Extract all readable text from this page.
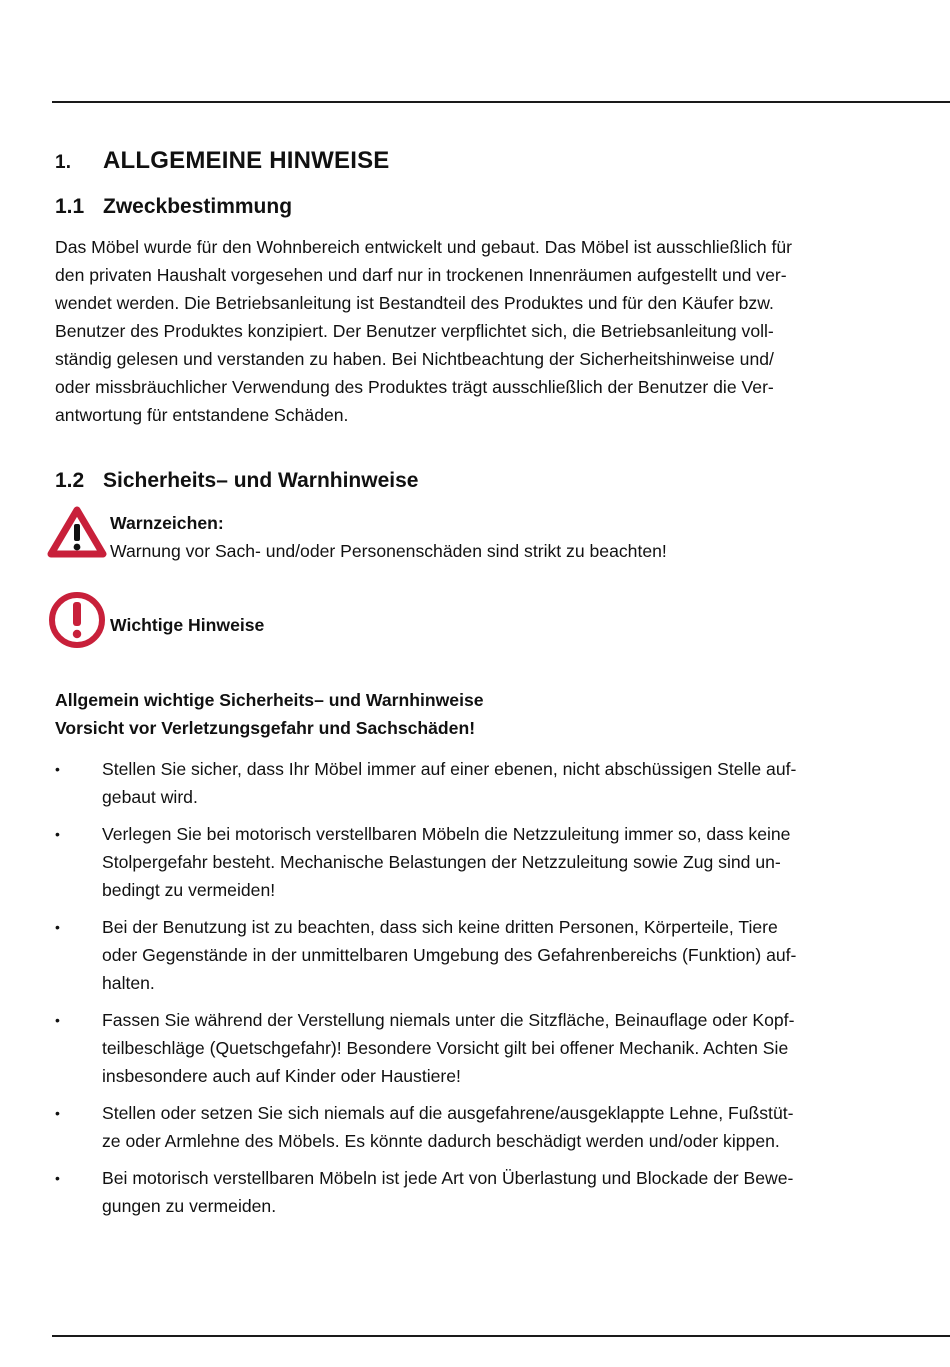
1. ALLGEMEINE HINWEISE
1.1 Zweckbestimmung
Das Möbel wurde für den Wohnbereich entwickelt und gebaut. Das Möbel ist ausschließlich für
den privaten Haushalt vorgesehen und darf nur in trockenen Innenräumen aufgestellt und ver-
wendet werden. Die Betriebsanleitung ist Bestandteil des Produktes und für den Käufer bzw.
Benutzer des Produktes konzipiert. Der Benutzer verpflichtet sich, die Betriebsanleitung voll-
ständig gelesen und verstanden zu haben. Bei Nichtbeachtung der Sicherheitshinweise und/
oder missbräuchlicher Verwendung des Produktes trägt ausschließlich der Benutzer die Ver-
antwortung für entstandene Schäden.
1.2 Sicherheits– und Warnhinweise
Warnzeichen:
Warnung vor Sach- und/oder Personenschäden sind strikt zu beachten!
Wichtige Hinweise
Allgemein wichtige Sicherheits– und Warnhinweise
Vorsicht vor Verletzungsgefahr und Sachschäden!
• Stellen Sie sicher, dass Ihr Möbel immer auf einer ebenen, nicht abschüssigen Stelle auf-
gebaut wird.
• Verlegen Sie bei motorisch verstellbaren Möbeln die Netzzuleitung immer so, dass keine
Stolpergefahr besteht. Mechanische Belastungen der Netzzuleitung sowie Zug sind un-
bedingt zu vermeiden!
• Bei der Benutzung ist zu beachten, dass sich keine dritten Personen, Körperteile, Tiere
oder Gegenstände in der unmittelbaren Umgebung des Gefahrenbereichs (Funktion) auf-
halten.
• Fassen Sie während der Verstellung niemals unter die Sitzfläche, Beinauflage oder Kopf-
teilbeschläge (Quetschgefahr)! Besondere Vorsicht gilt bei offener Mechanik. Achten Sie
insbesondere auch auf Kinder oder Haustiere!
• Stellen oder setzen Sie sich niemals auf die ausgefahrene/ausgeklappte Lehne, Fußstüt-
ze oder Armlehne des Möbels. Es könnte dadurch beschädigt werden und/oder kippen.
• Bei motorisch verstellbaren Möbeln ist jede Art von Überlastung und Blockade der Bewe-
gungen zu vermeiden.
